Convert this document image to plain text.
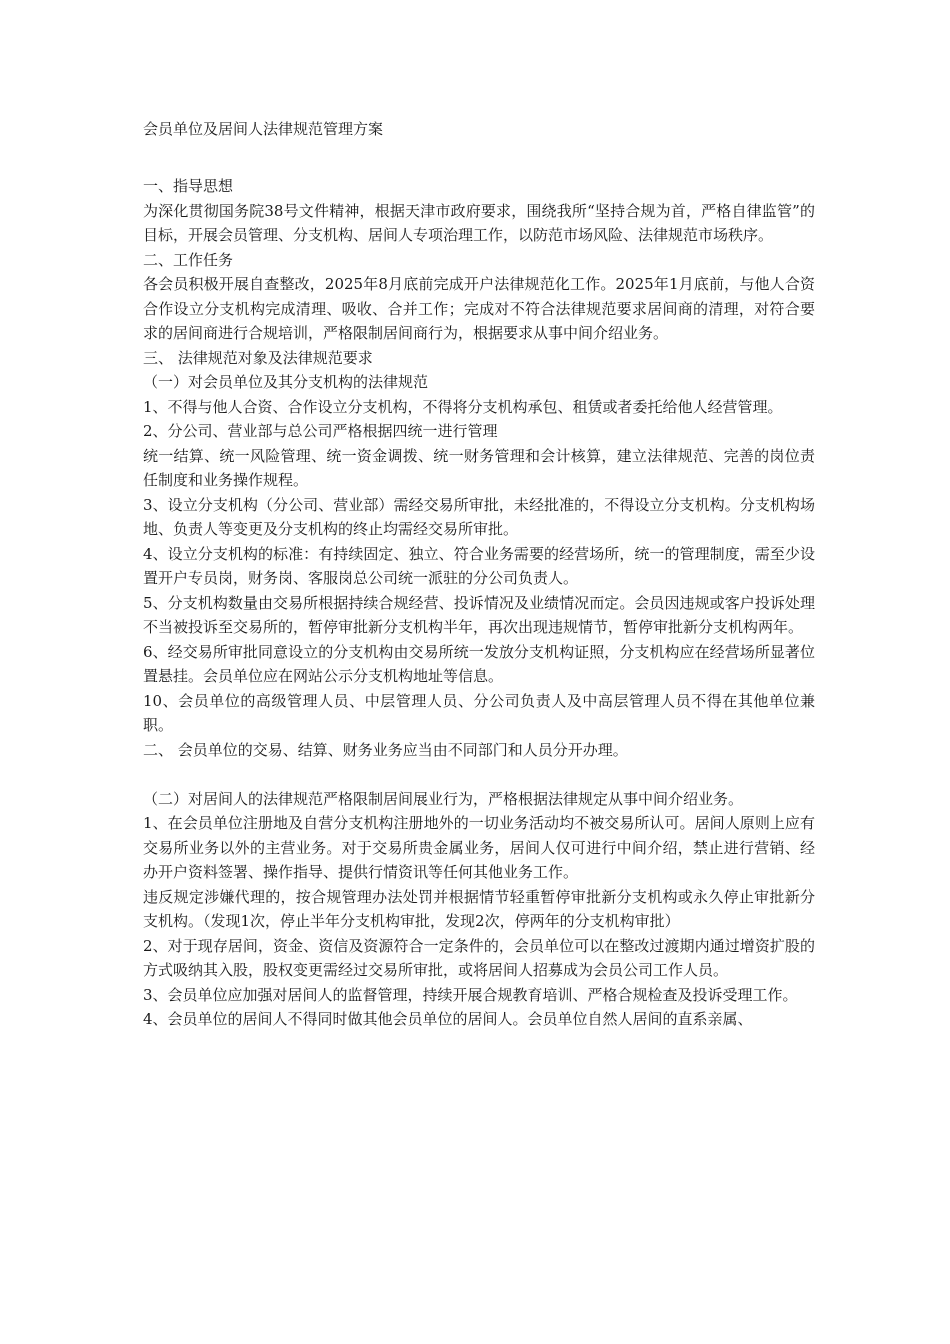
会员单位及居间人法律规范管理方案

一、指导思想

为深化贯彻国务院38号文件精神，根据天津市政府要求，围绕我所“坚持合规为首，严格自律监管”的目标，开展会员管理、分支机构、居间人专项治理工作，以防范市场风险、法律规范市场秩序。

二、工作任务

各会员积极开展自查整改，2025年8月底前完成开户法律规范化工作。2025年1月底前，与他人合资合作设立分支机构完成清理、吸收、合并工作；完成对不符合法律规范要求居间商的清理，对符合要求的居间商进行合规培训，严格限制居间商行为，根据要求从事中间介绍业务。

三、 法律规范对象及法律规范要求

（一）对会员单位及其分支机构的法律规范

1、不得与他人合资、合作设立分支机构，不得将分支机构承包、租赁或者委托给他人经营管理。

2、分公司、营业部与总公司严格根据四统一进行管理

统一结算、统一风险管理、统一资金调拨、统一财务管理和会计核算，建立法律规范、完善的岗位责任制度和业务操作规程。

3、设立分支机构（分公司、营业部）需经交易所审批，未经批准的，不得设立分支机构。分支机构场地、负责人等变更及分支机构的终止均需经交易所审批。

4、设立分支机构的标准：有持续固定、独立、符合业务需要的经营场所，统一的管理制度，需至少设置开户专员岗，财务岗、客服岗总公司统一派驻的分公司负责人。

5、分支机构数量由交易所根据持续合规经营、投诉情况及业绩情况而定。会员因违规或客户投诉处理不当被投诉至交易所的，暂停审批新分支机构半年，再次出现违规情节，暂停审批新分支机构两年。

6、经交易所审批同意设立的分支机构由交易所统一发放分支机构证照，分支机构应在经营场所显著位置悬挂。会员单位应在网站公示分支机构地址等信息。

10、会员单位的高级管理人员、中层管理人员、分公司负责人及中高层管理人员不得在其他单位兼职。

二、 会员单位的交易、结算、财务业务应当由不同部门和人员分开办理。

（二）对居间人的法律规范严格限制居间展业行为，严格根据法律规定从事中间介绍业务。

1、在会员单位注册地及自营分支机构注册地外的一切业务活动均不被交易所认可。居间人原则上应有交易所业务以外的主营业务。对于交易所贵金属业务，居间人仅可进行中间介绍，禁止进行营销、经办开户资料签署、操作指导、提供行情资讯等任何其他业务工作。

违反规定涉嫌代理的，按合规管理办法处罚并根据情节轻重暂停审批新分支机构或永久停止审批新分支机构。（发现1次，停止半年分支机构审批，发现2次，停两年的分支机构审批）

2、对于现存居间，资金、资信及资源符合一定条件的，会员单位可以在整改过渡期内通过增资扩股的方式吸纳其入股，股权变更需经过交易所审批，或将居间人招募成为会员公司工作人员。

3、会员单位应加强对居间人的监督管理，持续开展合规教育培训、严格合规检查及投诉受理工作。

4、会员单位的居间人不得同时做其他会员单位的居间人。会员单位自然人居间的直系亲属、
